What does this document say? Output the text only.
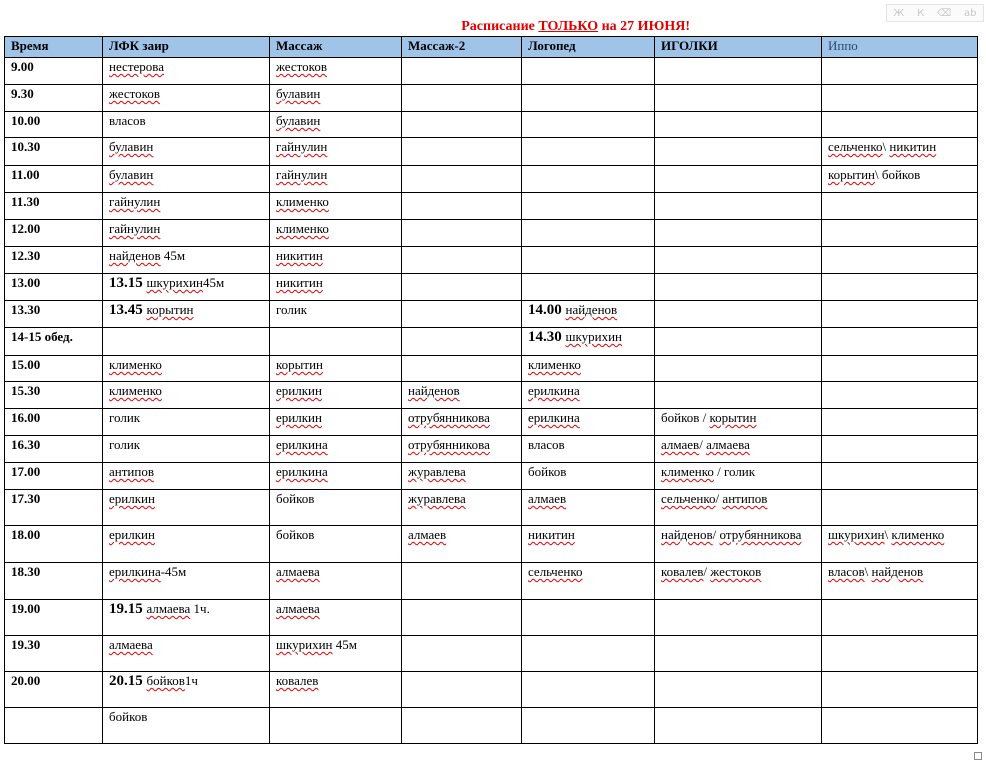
Ж К ⌫ ab
Расписание ТОЛЬКО на 27 ИЮНЯ!
Время	ЛФК заир	Массаж	Массаж-2	Логопед	ИГОЛКИ	Иппо
9.00	нестерова	жестоков				
9.30	жестоков	булавин				
10.00	власов	булавин				
10.30	булавин	гайнулин				сельченко\ никитин
11.00	булавин	гайнулин				корытин\ бойков
11.30	гайнулин	клименко				
12.00	гайнулин	клименко				
12.30	найденов 45м	никитин				
13.00	13.15 шкурихин45м	никитин				
13.30	13.45 корытин	голик		14.00 найденов		
14-15 обед.				14.30 шкурихин		
15.00	клименко	корытин		клименко		
15.30	клименко	ерилкин	найденов	ерилкина		
16.00	голик	ерилкин	отрубянникова	ерилкина	бойков / корытин	
16.30	голик	ерилкина	отрубянникова	власов	алмаев/ алмаева	
17.00	антипов	ерилкина	журавлева	бойков	клименко / голик	
17.30	ерилкин	бойков	журавлева	алмаев	сельченко/ антипов	
18.00	ерилкин	бойков	алмаев	никитин	найденов/ отрубянникова	шкурихин\ клименко
18.30	ерилкина-45м	алмаева		сельченко	ковалев/ жестоков	власов\ найденов
19.00	19.15 алмаева 1ч.	алмаева				
19.30	алмаева	шкурихин 45м				
20.00	20.15 бойков1ч	ковалев				
	бойков					
